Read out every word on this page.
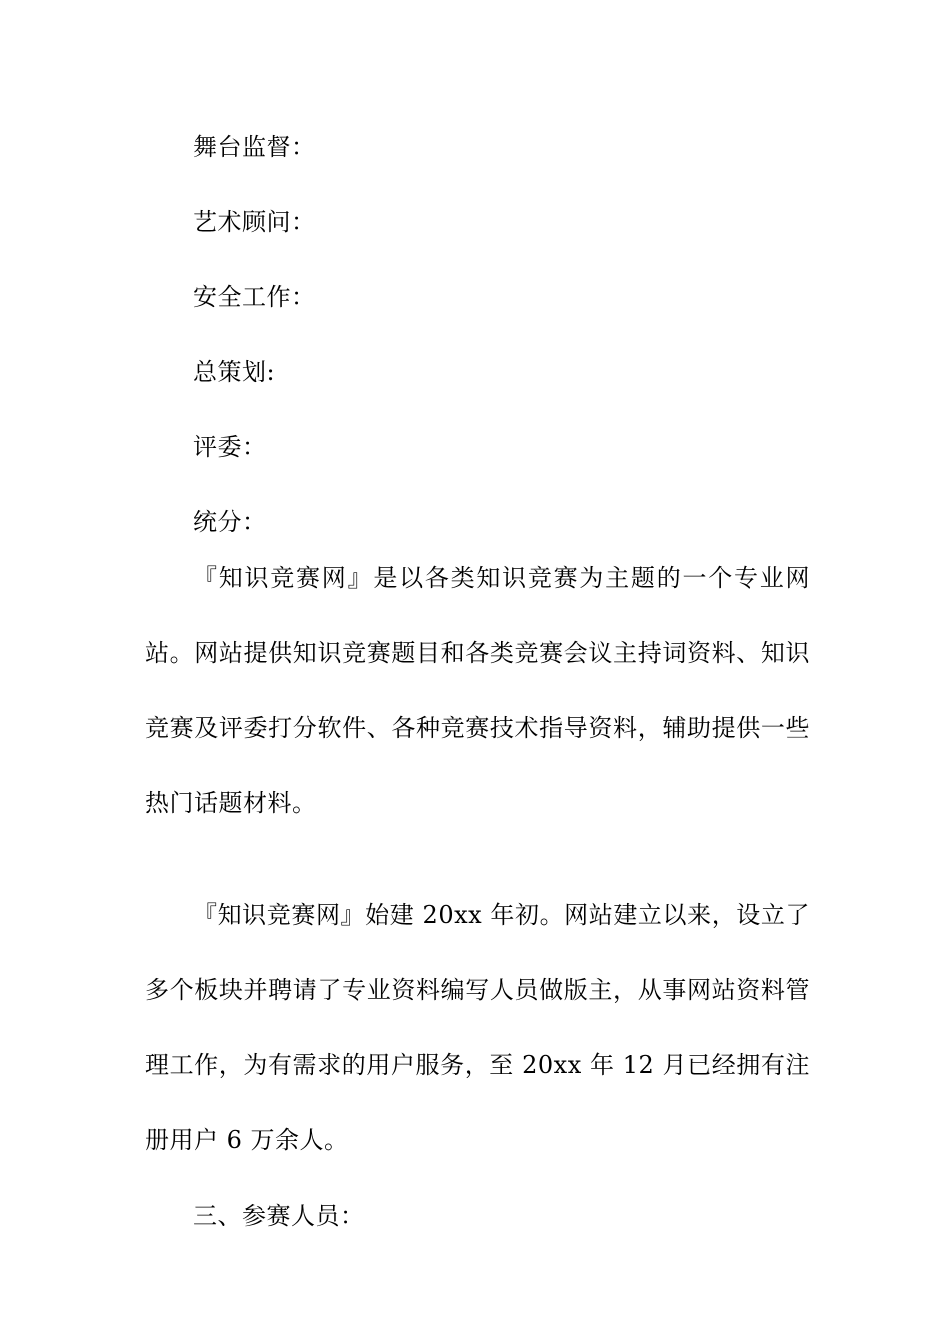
舞台监督：

艺术顾问：

安全工作：

总策划:

评委：

统分：

『知识竞赛网』是以各类知识竞赛为主题的一个专业网站。网站提供知识竞赛题目和各类竞赛会议主持词资料、知识竞赛及评委打分软件、各种竞赛技术指导资料，辅助提供一些热门话题材料。

『知识竞赛网』始建 20xx 年初。网站建立以来，设立了多个板块并聘请了专业资料编写人员做版主，从事网站资料管理工作，为有需求的用户服务，至 20xx 年 12 月已经拥有注册用户 6 万余人。

三、参赛人员：
